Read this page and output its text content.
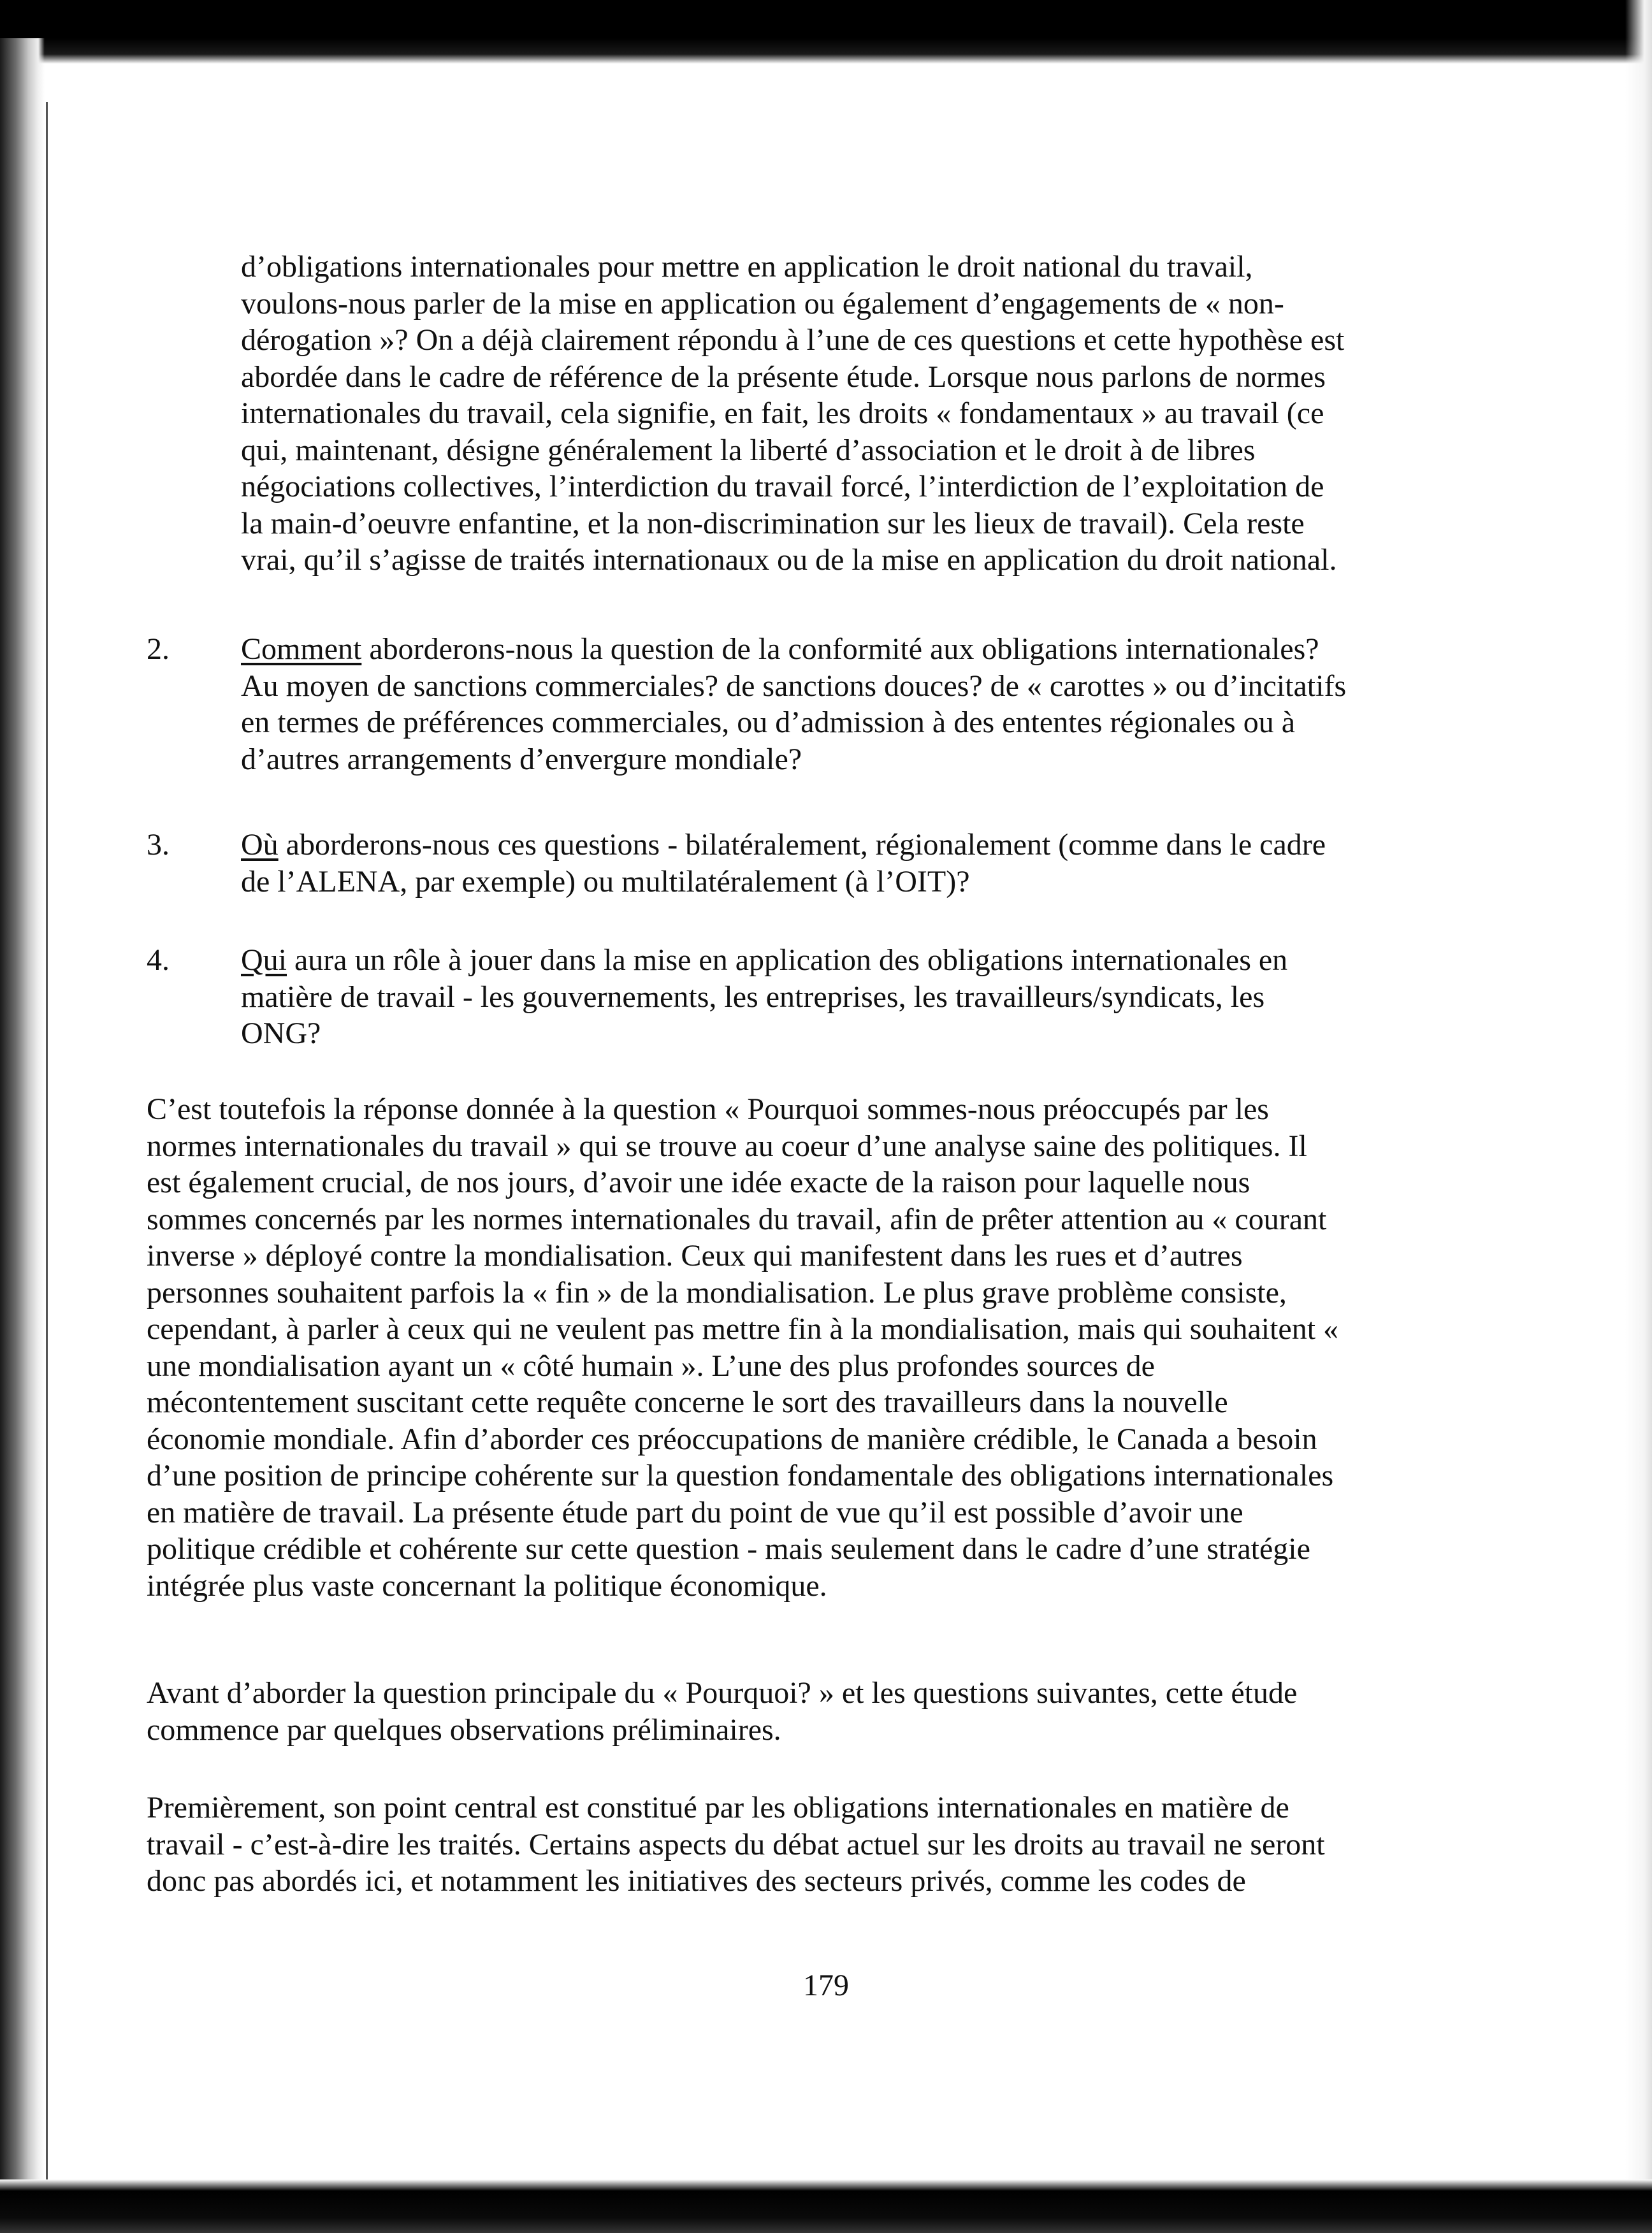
d’obligations internationales pour mettre en application le droit national du travail,

voulons-nous parler de la mise en application ou également d’engagements de « non-

dérogation »? On a déjà clairement répondu à l’une de ces questions et cette hypothèse est

abordée dans le cadre de référence de la présente étude. Lorsque nous parlons de normes

internationales du travail, cela signifie, en fait, les droits « fondamentaux » au travail (ce

qui, maintenant, désigne généralement la liberté d’association et le droit à de libres

négociations collectives, l’interdiction du travail forcé, l’interdiction de l’exploitation de

la main-d’oeuvre enfantine, et la non-discrimination sur les lieux de travail). Cela reste

vrai, qu’il s’agisse de traités internationaux ou de la mise en application du droit national.

2. Comment aborderons-nous la question de la conformité aux obligations internationales?

Au moyen de sanctions commerciales? de sanctions douces? de « carottes » ou d’incitatifs

en termes de préférences commerciales, ou d’admission à des ententes régionales ou à

d’autres arrangements d’envergure mondiale?

3. Où aborderons-nous ces questions - bilatéralement, régionalement (comme dans le cadre

de l’ALENA, par exemple) ou multilatéralement (à l’OIT)?

4. Qui aura un rôle à jouer dans la mise en application des obligations internationales en

matière de travail - les gouvernements, les entreprises, les travailleurs/syndicats, les

ONG?

C’est toutefois la réponse donnée à la question « Pourquoi sommes-nous préoccupés par les

normes internationales du travail » qui se trouve au coeur d’une analyse saine des politiques. Il

est également crucial, de nos jours, d’avoir une idée exacte de la raison pour laquelle nous

sommes concernés par les normes internationales du travail, afin de prêter attention au « courant

inverse » déployé contre la mondialisation. Ceux qui manifestent dans les rues et d’autres

personnes souhaitent parfois la « fin » de la mondialisation. Le plus grave problème consiste,

cependant, à parler à ceux qui ne veulent pas mettre fin à la mondialisation, mais qui souhaitent «

une mondialisation ayant un « côté humain ». L’une des plus profondes sources de

mécontentement suscitant cette requête concerne le sort des travailleurs dans la nouvelle

économie mondiale. Afin d’aborder ces préoccupations de manière crédible, le Canada a besoin

d’une position de principe cohérente sur la question fondamentale des obligations internationales

en matière de travail. La présente étude part du point de vue qu’il est possible d’avoir une

politique crédible et cohérente sur cette question - mais seulement dans le cadre d’une stratégie

intégrée plus vaste concernant la politique économique.

Avant d’aborder la question principale du « Pourquoi? » et les questions suivantes, cette étude

commence par quelques observations préliminaires.

Premièrement, son point central est constitué par les obligations internationales en matière de

travail - c’est-à-dire les traités. Certains aspects du débat actuel sur les droits au travail ne seront

donc pas abordés ici, et notamment les initiatives des secteurs privés, comme les codes de

179
